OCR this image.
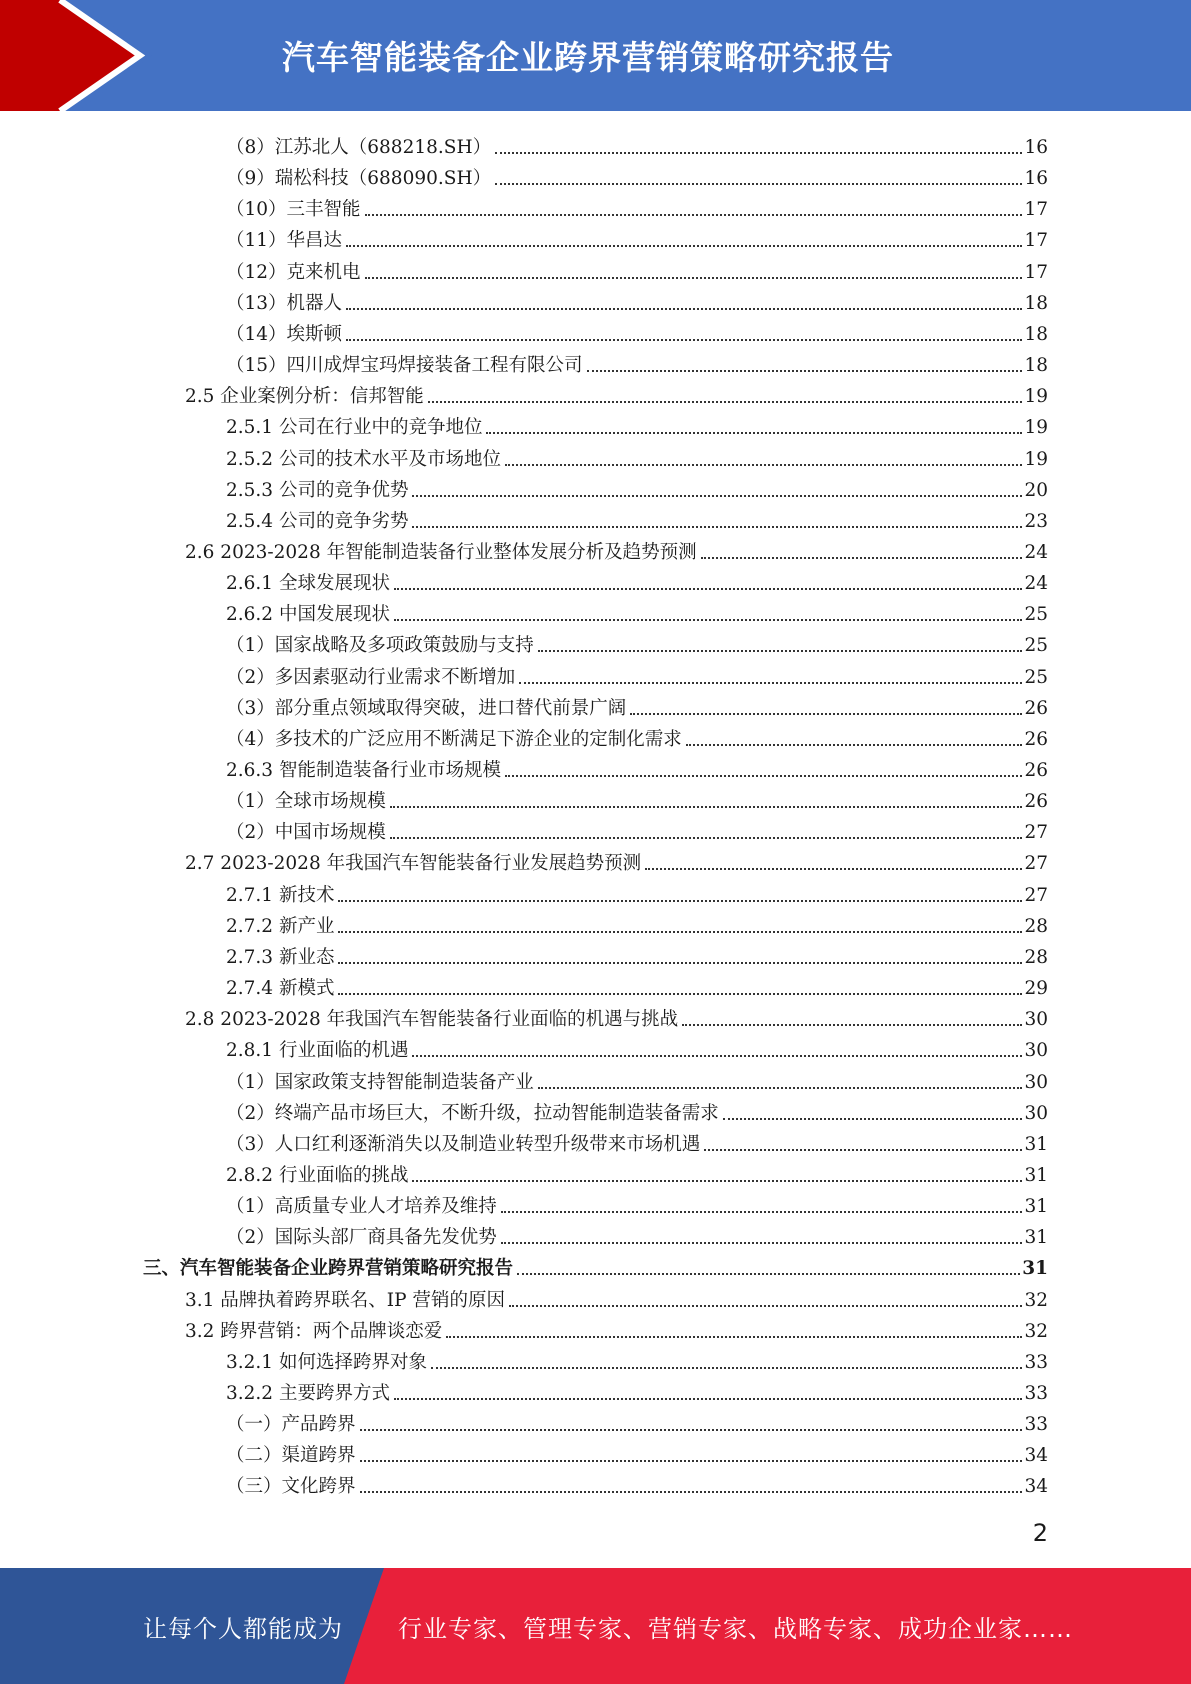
汽车智能装备企业跨界营销策略研究报告
（8）江苏北人（688218.SH）	16
（9）瑞松科技（688090.SH）	16
（10）三丰智能	17
（11）华昌达	17
（12）克来机电	17
（13）机器人	18
（14）埃斯顿	18
（15）四川成焊宝玛焊接装备工程有限公司	18
2.5 企业案例分析：信邦智能	19
2.5.1 公司在行业中的竞争地位	19
2.5.2 公司的技术水平及市场地位	19
2.5.3 公司的竞争优势	20
2.5.4 公司的竞争劣势	23
2.6 2023-2028 年智能制造装备行业整体发展分析及趋势预测	24
2.6.1 全球发展现状	24
2.6.2 中国发展现状	25
（1）国家战略及多项政策鼓励与支持	25
（2）多因素驱动行业需求不断增加	25
（3）部分重点领域取得突破，进口替代前景广阔	26
（4）多技术的广泛应用不断满足下游企业的定制化需求	26
2.6.3 智能制造装备行业市场规模	26
（1）全球市场规模	26
（2）中国市场规模	27
2.7 2023-2028 年我国汽车智能装备行业发展趋势预测	27
2.7.1 新技术	27
2.7.2 新产业	28
2.7.3 新业态	28
2.7.4 新模式	29
2.8 2023-2028 年我国汽车智能装备行业面临的机遇与挑战	30
2.8.1 行业面临的机遇	30
（1）国家政策支持智能制造装备产业	30
（2）终端产品市场巨大，不断升级，拉动智能制造装备需求	30
（3）人口红利逐渐消失以及制造业转型升级带来市场机遇	31
2.8.2 行业面临的挑战	31
（1）高质量专业人才培养及维持	31
（2）国际头部厂商具备先发优势	31
三、汽车智能装备企业跨界营销策略研究报告	31
3.1 品牌执着跨界联名、IP 营销的原因	32
3.2 跨界营销：两个品牌谈恋爱	32
3.2.1 如何选择跨界对象	33
3.2.2 主要跨界方式	33
（一）产品跨界	33
（二）渠道跨界	34
（三）文化跨界	34
2
让每个人都能成为 行业专家、管理专家、营销专家、战略专家、成功企业家……
